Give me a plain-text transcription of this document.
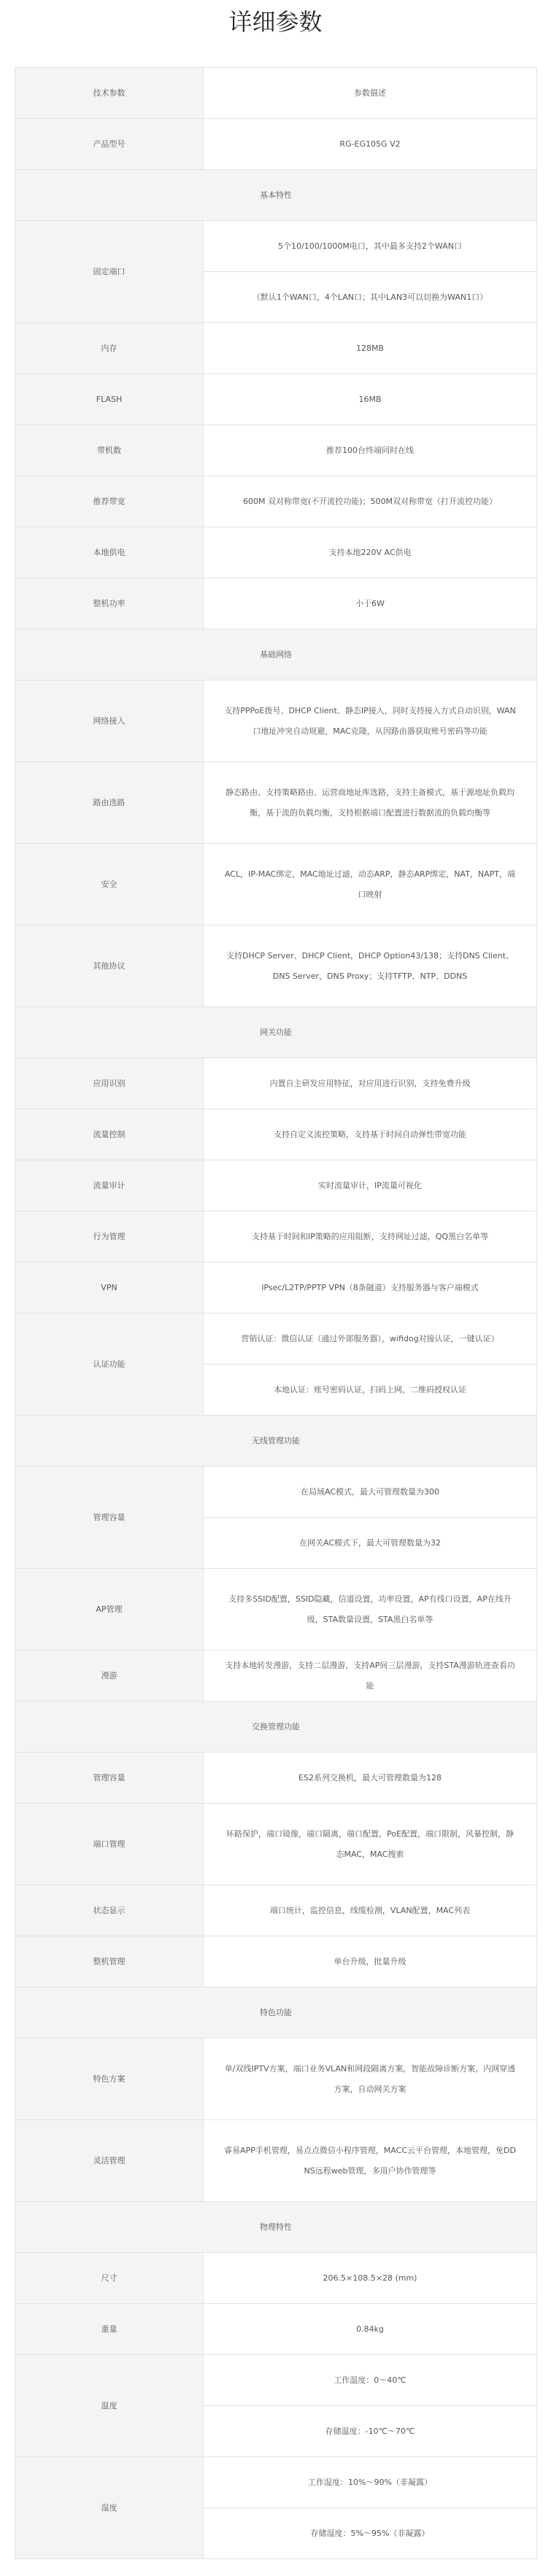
详细参数
技术参数	参数描述
产品型号	RG-EG105G V2
基本特性	
固定端口	5个10/100/1000M电口，其中最多支持2个WAN口
	（默认1个WAN口，4个LAN口；其中LAN3可以切换为WAN1口）
内存	128MB
FLASH	16MB
带机数	推荐100台终端同时在线
推荐带宽	600M 双对称带宽(不开流控功能)；500M双对称带宽（打开流控功能）
本地供电	支持本地220V AC供电
整机功率	小于6W
基础网络	
网络接入	支持PPPoE拨号、DHCP Client、静态IP接入，同时支持接入方式自动识别，WAN口地址冲突自动规避，MAC克隆，从因路由器获取账号密码等功能
路由选路	静态路由、支持策略路由、运营商地址库选路，支持主备模式，基于源地址负载均衡，基于流的负载均衡，支持根据端口配置进行数据流的负载均衡等
安全	ACL，IP-MAC绑定，MAC地址过滤，动态ARP，静态ARP绑定，NAT，NAPT，端口映射
其他协议	支持DHCP Server、DHCP Client，DHCP Option43/138；支持DNS Client、DNS Server、DNS Proxy；支持TFTP、NTP、DDNS
网关功能	
应用识别	内置自主研发应用特征，对应用进行识别，支持免费升级
流量控制	支持自定义流控策略，支持基于时间自动弹性带宽功能
流量审计	实时流量审计，IP流量可视化
行为管理	支持基于时间和IP策略的应用阻断，支持网址过滤，QQ黑白名单等
VPN	IPsec/L2TP/PPTP VPN（8条隧道）支持服务器与客户端模式
认证功能	营销认证：微信认证（通过外部服务器），wifidog对接认证，一键认证）
	本地认证：账号密码认证，扫码上网，二维码授权认证
无线管理功能	
管理容量	在局域AC模式，最大可管理数量为300
	在网关AC模式下，最大可管理数量为32
AP管理	支持多SSID配置，SSID隐藏，信道设置，功率设置，AP有线口设置，AP在线升级，STA数量设置，STA黑白名单等
漫游	支持本地转发漫游，支持二层漫游，支持AP间三层漫游，支持STA漫游轨迹查看功能
交换管理功能	
管理容量	ES2系列交换机，最大可管理数量为128
端口管理	环路保护，端口镜像，端口隔离，端口配置，PoE配置，端口限制，风暴控制，静态MAC，MAC搜索
状态显示	端口统计，监控信息，线缆检测，VLAN配置，MAC列表
整机管理	单台升级，批量升级
特色功能	
特色方案	单/双线IPTV方案，端口业务VLAN和网段隔离方案，智能故障诊断方案，内网穿透方案，自动网关方案
灵活管理	睿易APP手机管理，易点点微信小程序管理，MACC云平台管理，本地管理，免DDNS远程web管理，多用户协作管理等
物理特性	
尺寸	206.5×108.5×28 (mm)
重量	0.84kg
温度	工作温度：0～40℃
	存储温度：-10℃～70℃
湿度	工作湿度：10%～90%（非凝露）
	存储湿度：5%～95%（非凝露）
